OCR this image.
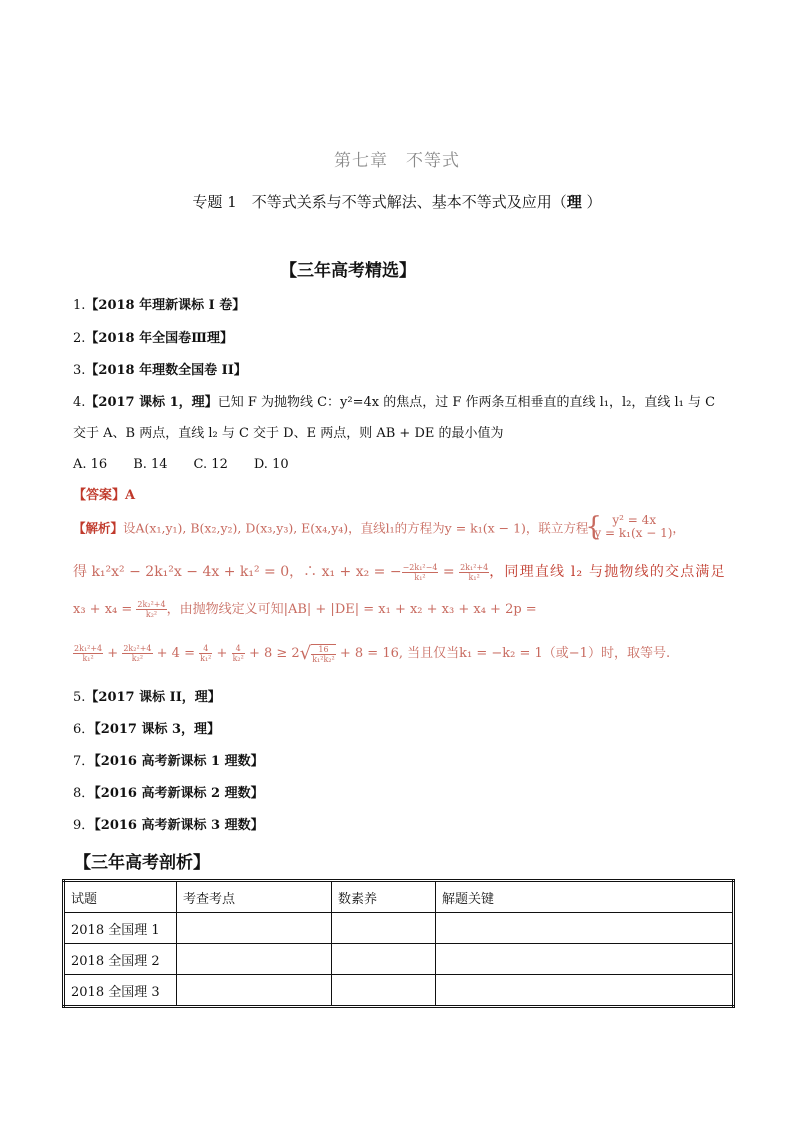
第七章　不等式
专题 1　不等式关系与不等式解法、基本不等式及应用（理 ）
【三年高考精选】
1.【2018 年理新课标 I 卷】
2.【2018 年全国卷Ⅲ理】
3.【2018 年理数全国卷 II】
4.【2017 课标 1，理】已知 F 为抛物线 C：y²=4x 的焦点，过 F 作两条互相垂直的直线 l₁，l₂，直线 l₁ 与 C
交于 A、B 两点，直线 l₂ 与 C 交于 D、E 两点，则 AB + DE 的最小值为
A. 16　　B. 14　　C. 12　　D. 10
【答案】A
【解析】设A(x₁,y₁), B(x₂,y₂), D(x₃,y₃), E(x₄,y₄)，直线l₁的方程为y = k₁(x − 1)，联立方程
{ y² = 4x
y = k₁(x − 1) ，
得 k₁²x² − 2k₁²x − 4x + k₁² = 0，∴ x₁ + x₂ = − $\frac{\text{−2k₁²−4}}{\text{k₁²}} = \frac{\text{2k₁²+4}}{\text{k₁²}}$ ，同理直线 l₂ 与抛物线的交点满足
$x_3 + x_4 = \frac{\text{2k₂²+4}}{\text{k₂²}}$ ，由抛物线定义可知|AB| + |DE| = x₁ + x₂ + x₃ + x₄ + 2p =
$\frac{\text{2k₁²+4}}{\text{k₁²}} + \frac{\text{2k₂²+4}}{\text{k₂²}} + 4 = \frac{4}{\text{k₁²}} + \frac{4}{\text{k₂²}} + 8 \ge 2√ \frac{16}{\text{k₁²k₂²}} + 8 = 16$, 当且仅当k₁ = −k₂ = 1（或−1）时，取等号.
5.【2017 课标 II，理】
6．【2017 课标 3，理】
7．【2016 高考新课标 1 理数】
8．【2016 高考新课标 2 理数】
9．【2016 高考新课标 3 理数】
【三年高考剖析】
试题	考查考点	数素养	解题关键
2018 全国理 1			
2018 全国理 2			
2018 全国理 3			
